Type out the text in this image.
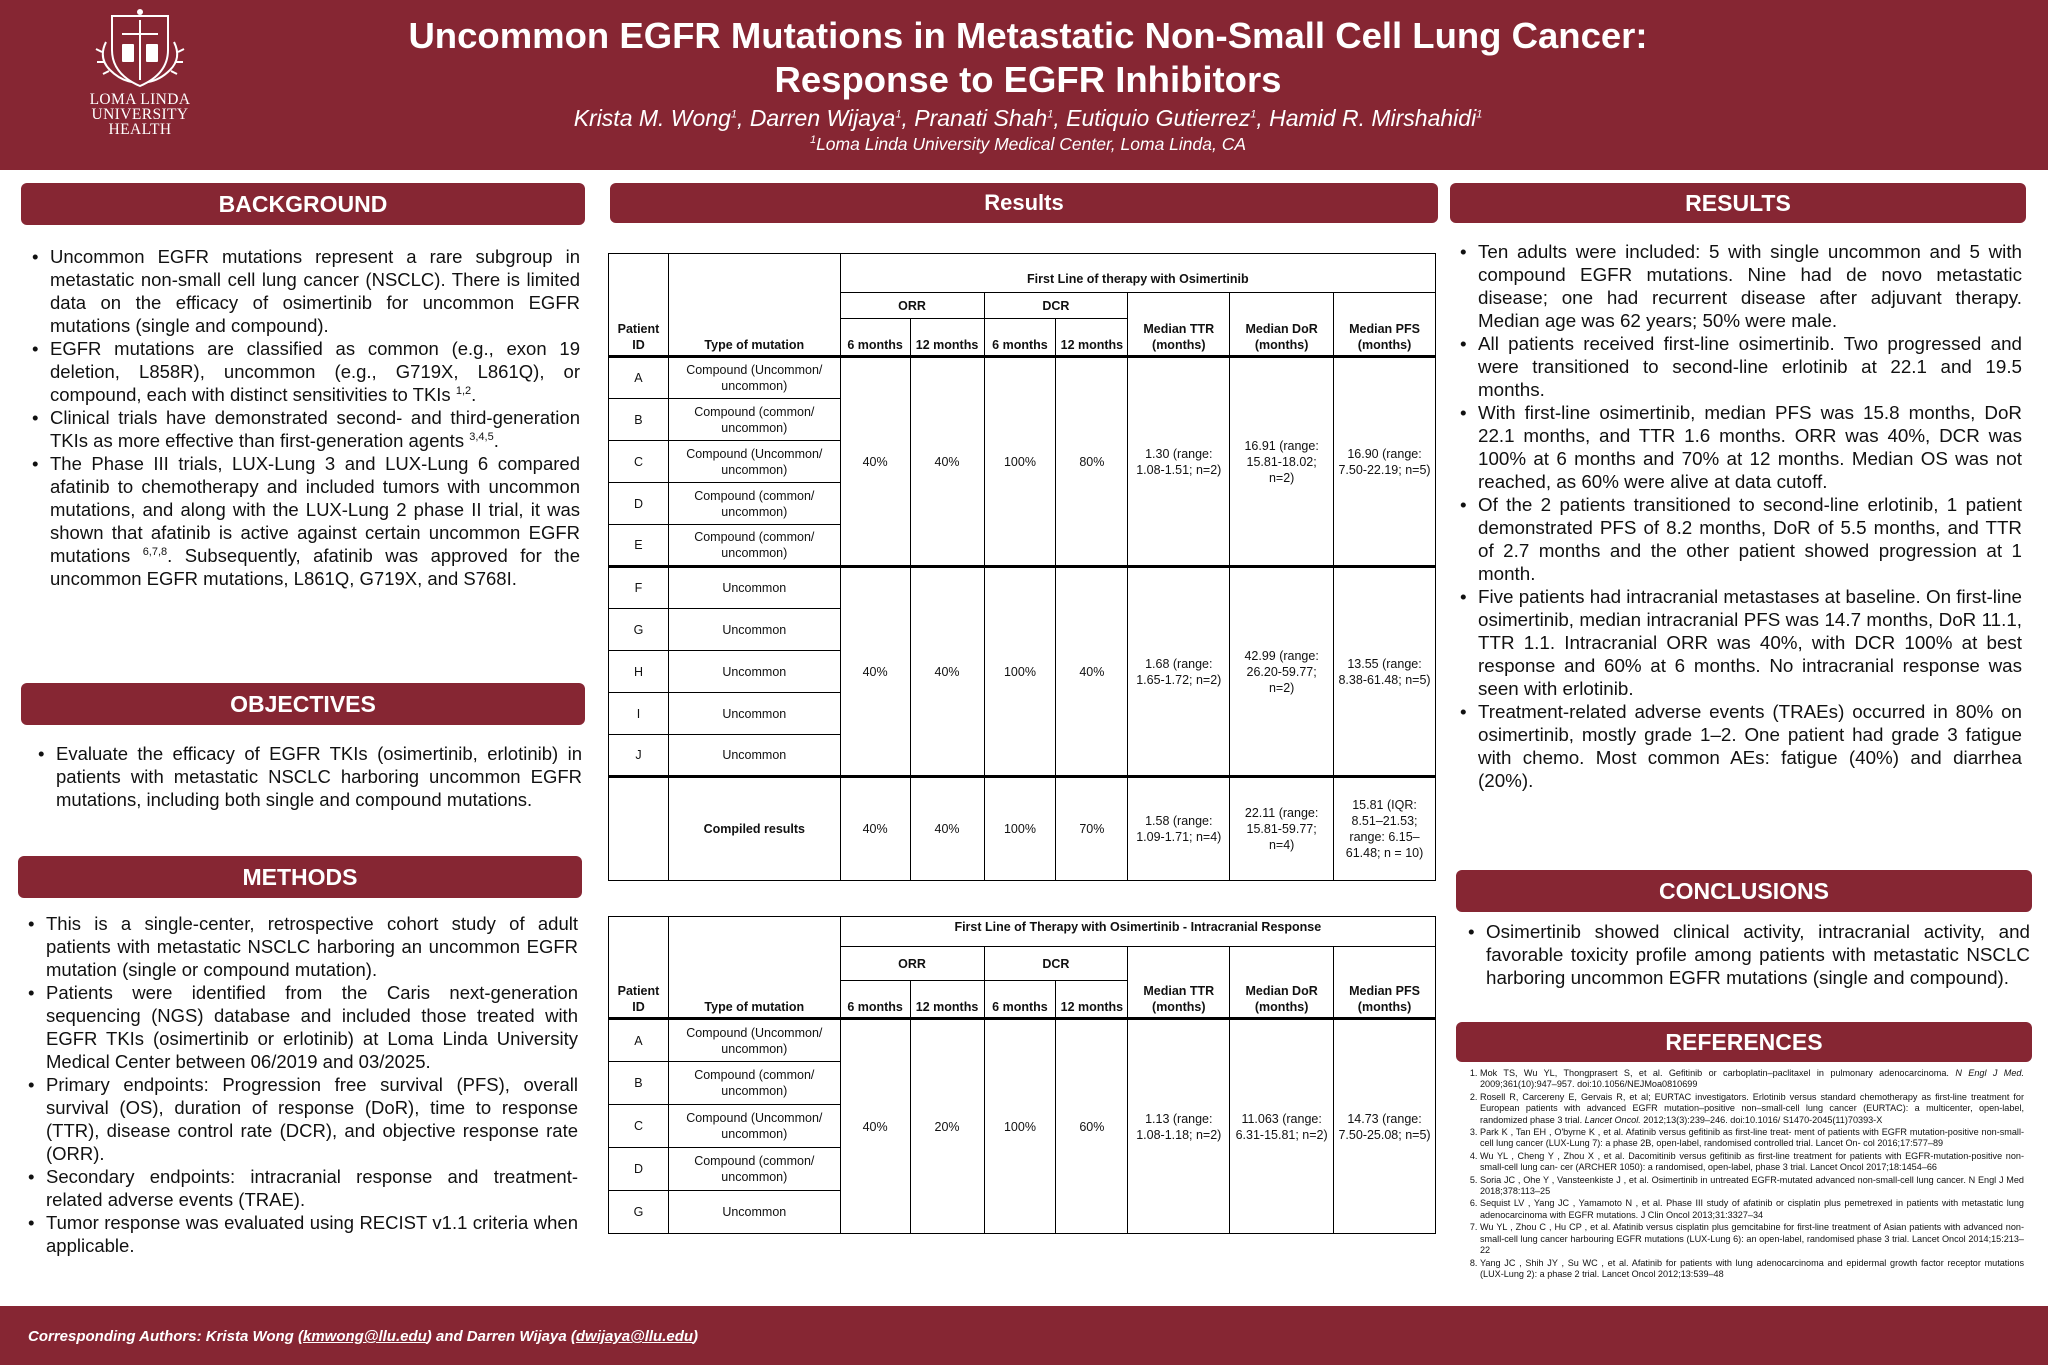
LOMA LINDA
UNIVERSITY
HEALTH
Uncommon EGFR Mutations in Metastatic Non-Small Cell Lung Cancer:
Response to EGFR Inhibitors
Krista M. Wong$^1$, Darren Wijaya$^1$, Pranati Shah$^1$, Eutiquio Gutierrez$^1$, Hamid R. Mirshahidi$^1$
$^1$Loma Linda University Medical Center, Loma Linda, CA
BACKGROUND
• Uncommon EGFR mutations represent a rare subgroup in metastatic non-small cell lung cancer (NSCLC). There is limited data on the efficacy of osimertinib for uncommon EGFR mutations (single and compound).
• EGFR mutations are classified as common (e.g., exon 19 deletion, L858R), uncommon (e.g., G719X, L861Q), or compound, each with distinct sensitivities to TKIs $^{1,2}$.
• Clinical trials have demonstrated second- and third-generation TKIs as more effective than first-generation agents $^{3,4,5}$.
• The Phase III trials, LUX-Lung 3 and LUX-Lung 6 compared afatinib to chemotherapy and included tumors with uncommon mutations, and along with the LUX-Lung 2 phase II trial, it was shown that afatinib is active against certain uncommon EGFR mutations $^{6,7,8}$. Subsequently, afatinib was approved for the uncommon EGFR mutations, L861Q, G719X, and S768I.
OBJECTIVES
• Evaluate the efficacy of EGFR TKIs (osimertinib, erlotinib) in patients with metastatic NSCLC harboring uncommon EGFR mutations, including both single and compound mutations.
METHODS
• This is a single-center, retrospective cohort study of adult patients with metastatic NSCLC harboring an uncommon EGFR mutation (single or compound mutation).
• Patients were identified from the Caris next-generation sequencing (NGS) database and included those treated with EGFR TKIs (osimertinib or erlotinib) at Loma Linda University Medical Center between 06/2019 and 03/2025.
• Primary endpoints: Progression free survival (PFS), overall survival (OS), duration of response (DoR), time to response (TTR), disease control rate (DCR), and objective response rate (ORR).
• Secondary endpoints: intracranial response and treatment-related adverse events (TRAE).
• Tumor response was evaluated using RECIST v1.1 criteria when applicable.
Results
Patient ID	Type of mutation	First Line of therapy with Osimertinib						
		ORR		DCR		Median TTR (months)	Median DoR (months)	Median PFS (months)
		6 months	12 months	6 months	12 months			
A	Compound (Uncommon/ uncommon)	40%	40%	100%	80%	1.30 (range: 1.08-1.51; n=2)	16.91 (range: 15.81-18.02; n=2)	16.90 (range: 7.50-22.19; n=5)
B	Compound (common/ uncommon)							
C	Compound (Uncommon/ uncommon)							
D	Compound (common/ uncommon)							
E	Compound (common/ uncommon)							
F	Uncommon	40%	40%	100%	40%	1.68 (range: 1.65-1.72; n=2)	42.99 (range: 26.20-59.77; n=2)	13.55 (range: 8.38-61.48; n=5)
G	Uncommon							
H	Uncommon							
I	Uncommon							
J	Uncommon							
	Compiled results	40%	40%	100%	70%	1.58 (range: 1.09-1.71; n=4)	22.11 (range: 15.81-59.77; n=4)	15.81 (IQR: 8.51–21.53; range: 6.15–61.48; n = 10)
Patient ID	Type of mutation	First Line of Therapy with Osimertinib - Intracranial Response						
		ORR		DCR		Median TTR (months)	Median DoR (months)	Median PFS (months)
		6 months	12 months	6 months	12 months			
A	Compound (Uncommon/ uncommon)	40%	20%	100%	60%	1.13 (range: 1.08-1.18; n=2)	11.063 (range: 6.31-15.81; n=2)	14.73 (range: 7.50-25.08; n=5)
B	Compound (common/ uncommon)							
C	Compound (Uncommon/ uncommon)							
D	Compound (common/ uncommon)							
G	Uncommon							
RESULTS
• Ten adults were included: 5 with single uncommon and 5 with compound EGFR mutations. Nine had de novo metastatic disease; one had recurrent disease after adjuvant therapy. Median age was 62 years; 50% were male.
• All patients received first-line osimertinib. Two progressed and were transitioned to second-line erlotinib at 22.1 and 19.5 months.
• With first-line osimertinib, median PFS was 15.8 months, DoR 22.1 months, and TTR 1.6 months. ORR was 40%, DCR was 100% at 6 months and 70% at 12 months. Median OS was not reached, as 60% were alive at data cutoff.
• Of the 2 patients transitioned to second-line erlotinib, 1 patient demonstrated PFS of 8.2 months, DoR of 5.5 months, and TTR of 2.7 months and the other patient showed progression at 1 month.
• Five patients had intracranial metastases at baseline. On first-line osimertinib, median intracranial PFS was 14.7 months, DoR 11.1, TTR 1.1. Intracranial ORR was 40%, with DCR 100% at best response and 60% at 6 months. No intracranial response was seen with erlotinib.
• Treatment-related adverse events (TRAEs) occurred in 80% on osimertinib, mostly grade 1–2. One patient had grade 3 fatigue with chemo. Most common AEs: fatigue (40%) and diarrhea (20%).
CONCLUSIONS
• Osimertinib showed clinical activity, intracranial activity, and favorable toxicity profile among patients with metastatic NSCLC harboring uncommon EGFR mutations (single and compound).
REFERENCES
1. Mok TS, Wu YL, Thongprasert S, et al. Gefitinib or carboplatin–paclitaxel in pulmonary adenocarcinoma. N Engl J Med. 2009;361(10):947–957. doi:10.1056/NEJMoa0810699
2. Rosell R, Carcereny E, Gervais R, et al; EURTAC investigators. Erlotinib versus standard chemotherapy as first-line treatment for European patients with advanced EGFR mutation–positive non–small-cell lung cancer (EURTAC): a multicenter, open-label, randomized phase 3 trial. Lancet Oncol. 2012;13(3):239–246. doi:10.1016/ S1470-2045(11)70393-X
3. Park K , Tan EH , O'byrne K , et al. Afatinib versus gefitinib as first-line treat- ment of patients with EGFR mutation-positive non-small-cell lung cancer (LUX-Lung 7): a phase 2B, open-label, randomised controlled trial. Lancet On- col 2016;17:577–89
4. Wu YL , Cheng Y , Zhou X , et al. Dacomitinib versus gefitinib as first-line treatment for patients with EGFR-mutation-positive non-small-cell lung can- cer (ARCHER 1050): a randomised, open-label, phase 3 trial. Lancet Oncol 2017;18:1454–66
5. Soria JC , Ohe Y , Vansteenkiste J , et al. Osimertinib in untreated EGFR-mutated advanced non-small-cell lung cancer. N Engl J Med 2018;378:113–25
6. Sequist LV , Yang JC , Yamamoto N , et al. Phase III study of afatinib or cisplatin plus pemetrexed in patients with metastatic lung adenocarcinoma with EGFR mutations. J Clin Oncol 2013;31:3327–34
7. Wu YL , Zhou C , Hu CP , et al. Afatinib versus cisplatin plus gemcitabine for first-line treatment of Asian patients with advanced non-small-cell lung cancer harbouring EGFR mutations (LUX-Lung 6): an open-label, randomised phase 3 trial. Lancet Oncol 2014;15:213–22
8. Yang JC , Shih JY , Su WC , et al. Afatinib for patients with lung adenocarcinoma and epidermal growth factor receptor mutations (LUX-Lung 2): a phase 2 trial. Lancet Oncol 2012;13:539–48
Corresponding Authors: Krista Wong (kmwong@llu.edu) and Darren Wijaya (dwijaya@llu.edu)
